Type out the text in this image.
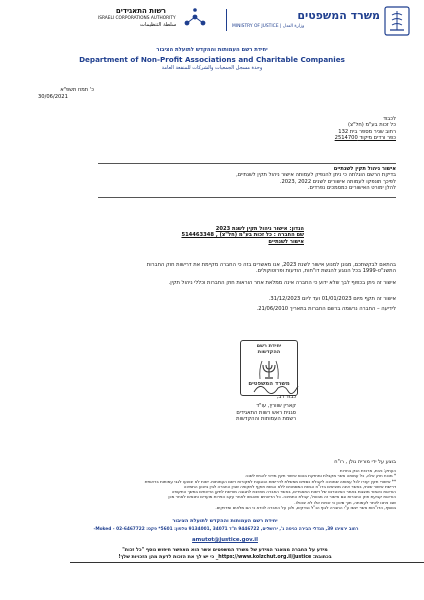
משרד המשפטים
MINISTRY OF JUSTICE | وزارة العدل
רשות התאגידים
ISRAELI CORPORATIONS AUTHORITY
سلطة التنظيمات
יחידת רשם העמותות וההקדש לתועלת הציבור
Department of Non-Profit Associations and Charitable Companies
وحدة مسجل الجمعيات والشركات للمنفعة العامة
כ' תמוז תשפ"א
30/06/2021
לכבוד
כל זכות בע"מ (חל"צ)
רחוב שניר מספר בית 132
כפר ורדים מיקוד 2514700
אישור ניהול תקין לשנתיים
בדיקת הרשם הוגלתה כי ניתן להנפיק לעמותה אישור ניהול תקין לשנתיים,
לפיכך תונפקו לעמותה אישורים לשנים 2022 ,2023.
להלן ימורט האישורים כמסמכים נפרדים.
הנדון: אישור ניהול תקין לשנת 2023
שם החברה : כל זכות בע"מ (חל"צ) , 514463348
אישור לשנתיים
בהתאם לבקשתכם, מגונן למנוע אישור לשנת 2023, אנו מאשרים בזה כי החברה מקיימת את דרישות חוק החברות
התשנ"ט-1999 בכל הנוגע להגשת דו"חות, הודעות ופרוטוקולים.
אישור זה ניתן בכפוף לבך שלא ידוע כי החברה אינה ממלאת אחר הוראות חוק החברות וכללי ניהול תקין.
אישור זה תקף מיום 01/01/2023 ועד ליום 31/12/2023.
לידיעה – החברה נרשמה ברשם החברות בתאריך 21/06/2010.
יחידת רשם
ההקדשות
משרד המשפטים
כבוד רב,
קארין שוורץ, עו"ד
סגנית ראש רשות התאגידים
רשמת העמותות וההקדשות
בוצע על ידי מורית גולן , רו"ח
העתק: ניבת, מרכזת הנק בחרות
* מכוח חוק אלה, כל עמותה אשר מקבלת ומחזקת בנכס אישור תקין מדיני להגיש לשנה
** אישורי תקין יעזרו לכל עמותה שמכינה לקבלת כספים ממשלת לדרישות הנוגעות למקורות רשם העמותות. ישות לא יבוצעו לגבי עמותות בראשית
דרישת אישור שנתי, באשר אינה מוציאים בדו"ח הגשת המסמכים ללא הגשת תוקף לתקופה שבין החברה לבין ביצוע התמיכה
הוראות כאמור מוצגות באתר האינטרנט של רשות התאגידים, באשר החברה מחויבת לתגובה מורשת לתקן הדיווחים במשך התקופה
הוראות קביעת חוק החברות וגם אישור זה מבוטל, קבלת התמיכה. כל הדיווחים שהוגשו לאחר עקב הפרות מועדים ותנאים לאחר מכן
שבו ניתנו ליותר לעמותה, תוך סיכון כי זכויות אלו לא יבוטלו.
בנוסף, הדו"חות אשר ייגשו ע"י החברה לגוף הנ"ל נבדקים, ולכן על החברה לוודא כי הם מלאים ומדויקים.
יחידת רשם העמותות וההקדש לתועלת הציבור
רחוב ירמיהו 39, מגדלי הבירה כניסה ג', ירושלים, 9446722 ת"ד 34071 ,9134001 טלפון: 5601* פקס: 02-6467722 - Moked-
amutot@justice.gov.il
מידע על החברה ממאגר המידע של משרד המשפטים אשר הוא מאפשר חיפוש נוסף "כל זכות"
בכתובת: https://www.kolzchut.org.il/justice_ כי יש לך את הזכות לדעת מהן הזכויות שלך!
